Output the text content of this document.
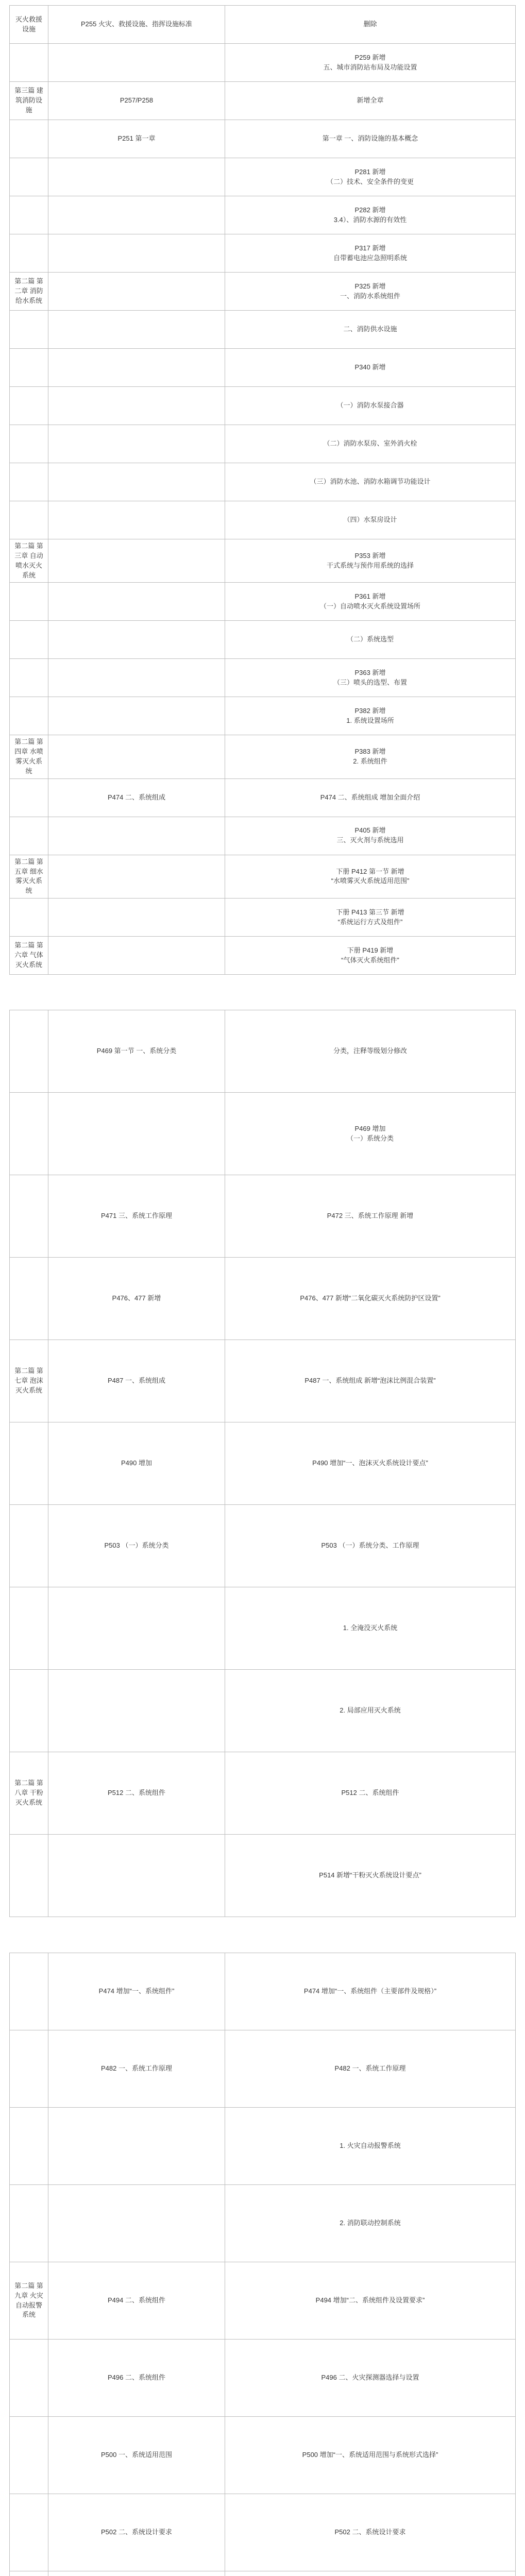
灭火救援设施	P255 火灾、救援设施、指挥设施标准	删除
		P259 新增
五、城市消防站布局及功能设置
第三篇 建筑消防设施	P257/P258	新增全章
	P251 第一章	第一章 一、消防设施的基本概念
		P281 新增
（二）技术、安全条件的变更
		P282 新增
3.4）、消防水源的有效性
		P317 新增
自带蓄电池应急照明系统
第二篇 第二章 消防给水系统		P325 新增
一、消防水系统组件
		二、消防供水设施
		P340 新增
		（一）消防水泵接合器
		（二）消防水泵房、室外消火栓
		（三）消防水池、消防水箱调节功能设计
		（四）水泵房设计
第二篇 第三章 自动喷水灭火系统		P353 新增
干式系统与预作用系统的选择
		P361 新增
（一）自动喷水灭火系统设置场所
		（二）系统选型
		P363 新增
（三）喷头的选型、布置
		P382 新增
1. 系统设置场所
第二篇 第四章 水喷雾灭火系统		P383 新增
2. 系统组件
	P474 二、系统组成	P474 二、系统组成 增加全面介绍
		P405 新增
三、灭火剂与系统选用
第二篇 第五章 细水雾灭火系统		下册 P412 第一节 新增
“水喷雾灭火系统适用范围”
		下册 P413 第三节 新增
“系统运行方式及组件”
第二篇 第六章 气体灭火系统		下册 P419 新增
“气体灭火系统组件”
	P469 第一节 一、系统分类	分类，注释等级划分修改
		P469 增加
（一）系统分类
	P471 三、系统工作原理	P472 三、系统工作原理 新增
	P476、477 新增	P476、477 新增“二氧化碳灭火系统防护区设置”
第二篇 第七章 泡沫灭火系统	P487 一、系统组成	P487 一、系统组成 新增“泡沫比例混合装置”
	P490 增加	P490 增加“一、泡沫灭火系统设计要点”
	P503 （一）系统分类	P503 （一）系统分类、工作原理
		1. 全淹没灭火系统
		2. 局部应用灭火系统
第二篇 第八章 干粉灭火系统	P512 二、系统组件	P512 二、系统组件
		P514 新增“干粉灭火系统设计要点”
	P474 增加“一、系统组件”	P474 增加“一、系统组件（主要部件及规格）”
	P482 一、系统工作原理	P482 一、系统工作原理
		1. 火灾自动报警系统
		2. 消防联动控制系统
第二篇 第九章 火灾自动报警系统	P494 二、系统组件	P494 增加“二、系统组件及设置要求”
	P496 二、系统组件	P496 二、火灾探测器选择与设置
	P500 一、系统适用范围	P500 增加“一、系统适用范围与系统形式选择”
	P502 二、系统设计要求	P502 二、系统设计要求
